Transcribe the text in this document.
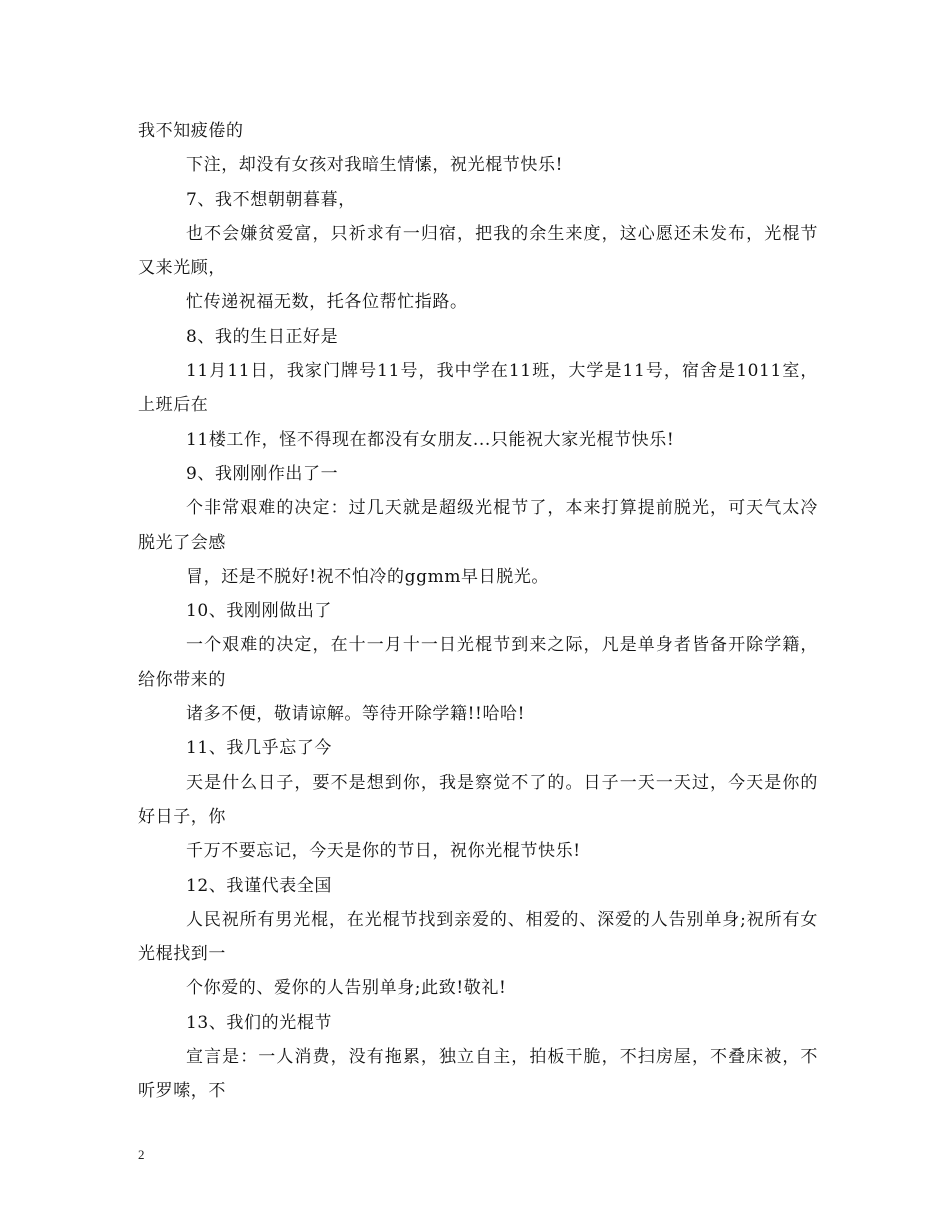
我不知疲倦的

下注，却没有女孩对我暗生情愫，祝光棍节快乐!

7、我不想朝朝暮暮，

也不会嫌贫爱富，只祈求有一归宿，把我的余生来度，这心愿还未发布，光棍节又来光顾，

忙传递祝福无数，托各位帮忙指路。

8、我的生日正好是

11月11日，我家门牌号11号，我中学在11班，大学是11号，宿舍是1011室，上班后在

11楼工作，怪不得现在都没有女朋友...只能祝大家光棍节快乐!

9、我刚刚作出了一

个非常艰难的决定：过几天就是超级光棍节了，本来打算提前脱光，可天气太冷脱光了会感

冒，还是不脱好!祝不怕冷的ggmm早日脱光。

10、我刚刚做出了

一个艰难的决定，在十一月十一日光棍节到来之际，凡是单身者皆备开除学籍，给你带来的

诸多不便，敬请谅解。等待开除学籍!!哈哈!

11、我几乎忘了今

天是什么日子，要不是想到你，我是察觉不了的。日子一天一天过，今天是你的好日子，你

千万不要忘记，今天是你的节日，祝你光棍节快乐!

12、我谨代表全国

人民祝所有男光棍，在光棍节找到亲爱的、相爱的、深爱的人告别单身;祝所有女光棍找到一

个你爱的、爱你的人告别单身;此致!敬礼!

13、我们的光棍节

宣言是：一人消费，没有拖累，独立自主，拍板干脆，不扫房屋，不叠床被，不听罗嗦，不

2
